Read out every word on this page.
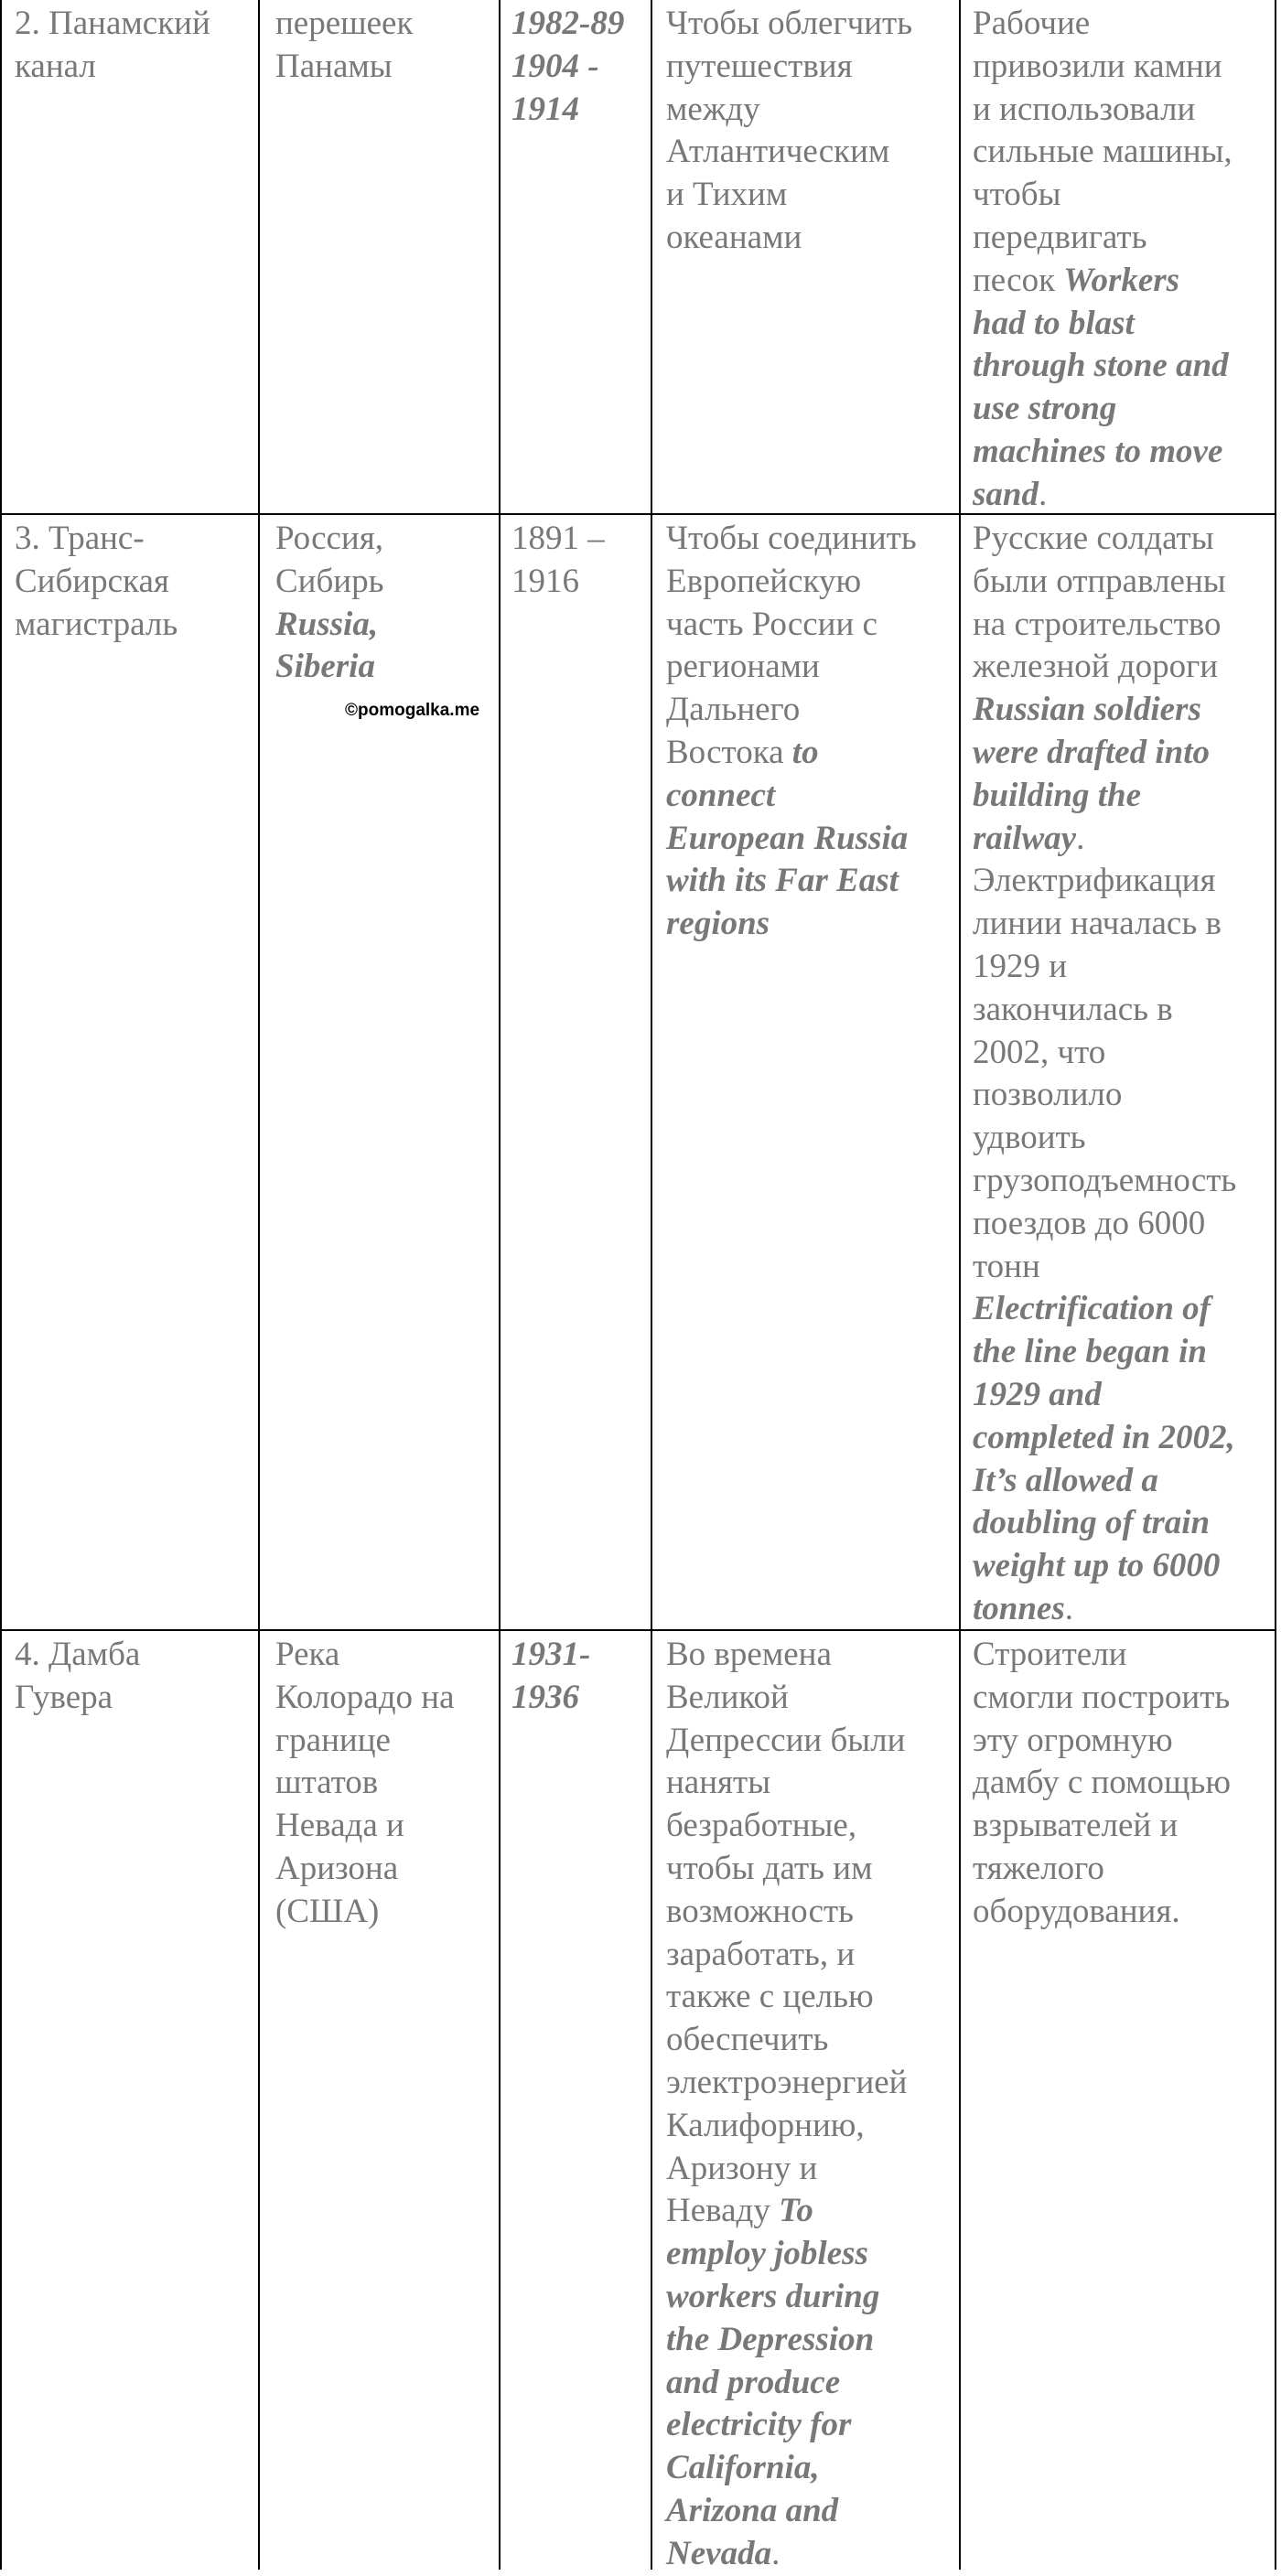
2. Панамский
канал
перешеек
Панамы
1982-89
1904 -
1914
Чтобы облегчить
путешествия
между
Атлантическим
и Тихим
океанами
Рабочие
привозили камни
и использовали
сильные машины,
чтобы
передвигать
песок Workers
had to blast
through stone and
use strong
machines to move
sand.
3. Транс-
Сибирская
магистраль
Россия,
Сибирь
Russia,
Siberia
1891 –
1916
Чтобы соединить
Европейскую
часть России с
регионами
Дальнего
Востока to
connect
European Russia
with its Far East
regions
Русские солдаты
были отправлены
на строительство
железной дороги
Russian soldiers
were drafted into
building the
railway.
Электрификация
линии началась в
1929 и
закончилась в
2002, что
позволило
удвоить
грузоподъемность
поездов до 6000
тонн
Electrification of
the line began in
1929 and
completed in 2002,
It’s allowed a
doubling of train
weight up to 6000
tonnes.
4. Дамба
Гувера
Река
Колорадо на
границе
штатов
Невада и
Аризона
(США)
1931-
1936
Во времена
Великой
Депрессии были
наняты
безработные,
чтобы дать им
возможность
заработать, и
также с целью
обеспечить
электроэнергией
Калифорнию,
Аризону и
Неваду To
employ jobless
workers during
the Depression
and produce
electricity for
California,
Arizona and
Nevada.
Строители
смогли построить
эту огромную
дамбу с помощью
взрывателей и
тяжелого
оборудования.
©pomogalka.me
